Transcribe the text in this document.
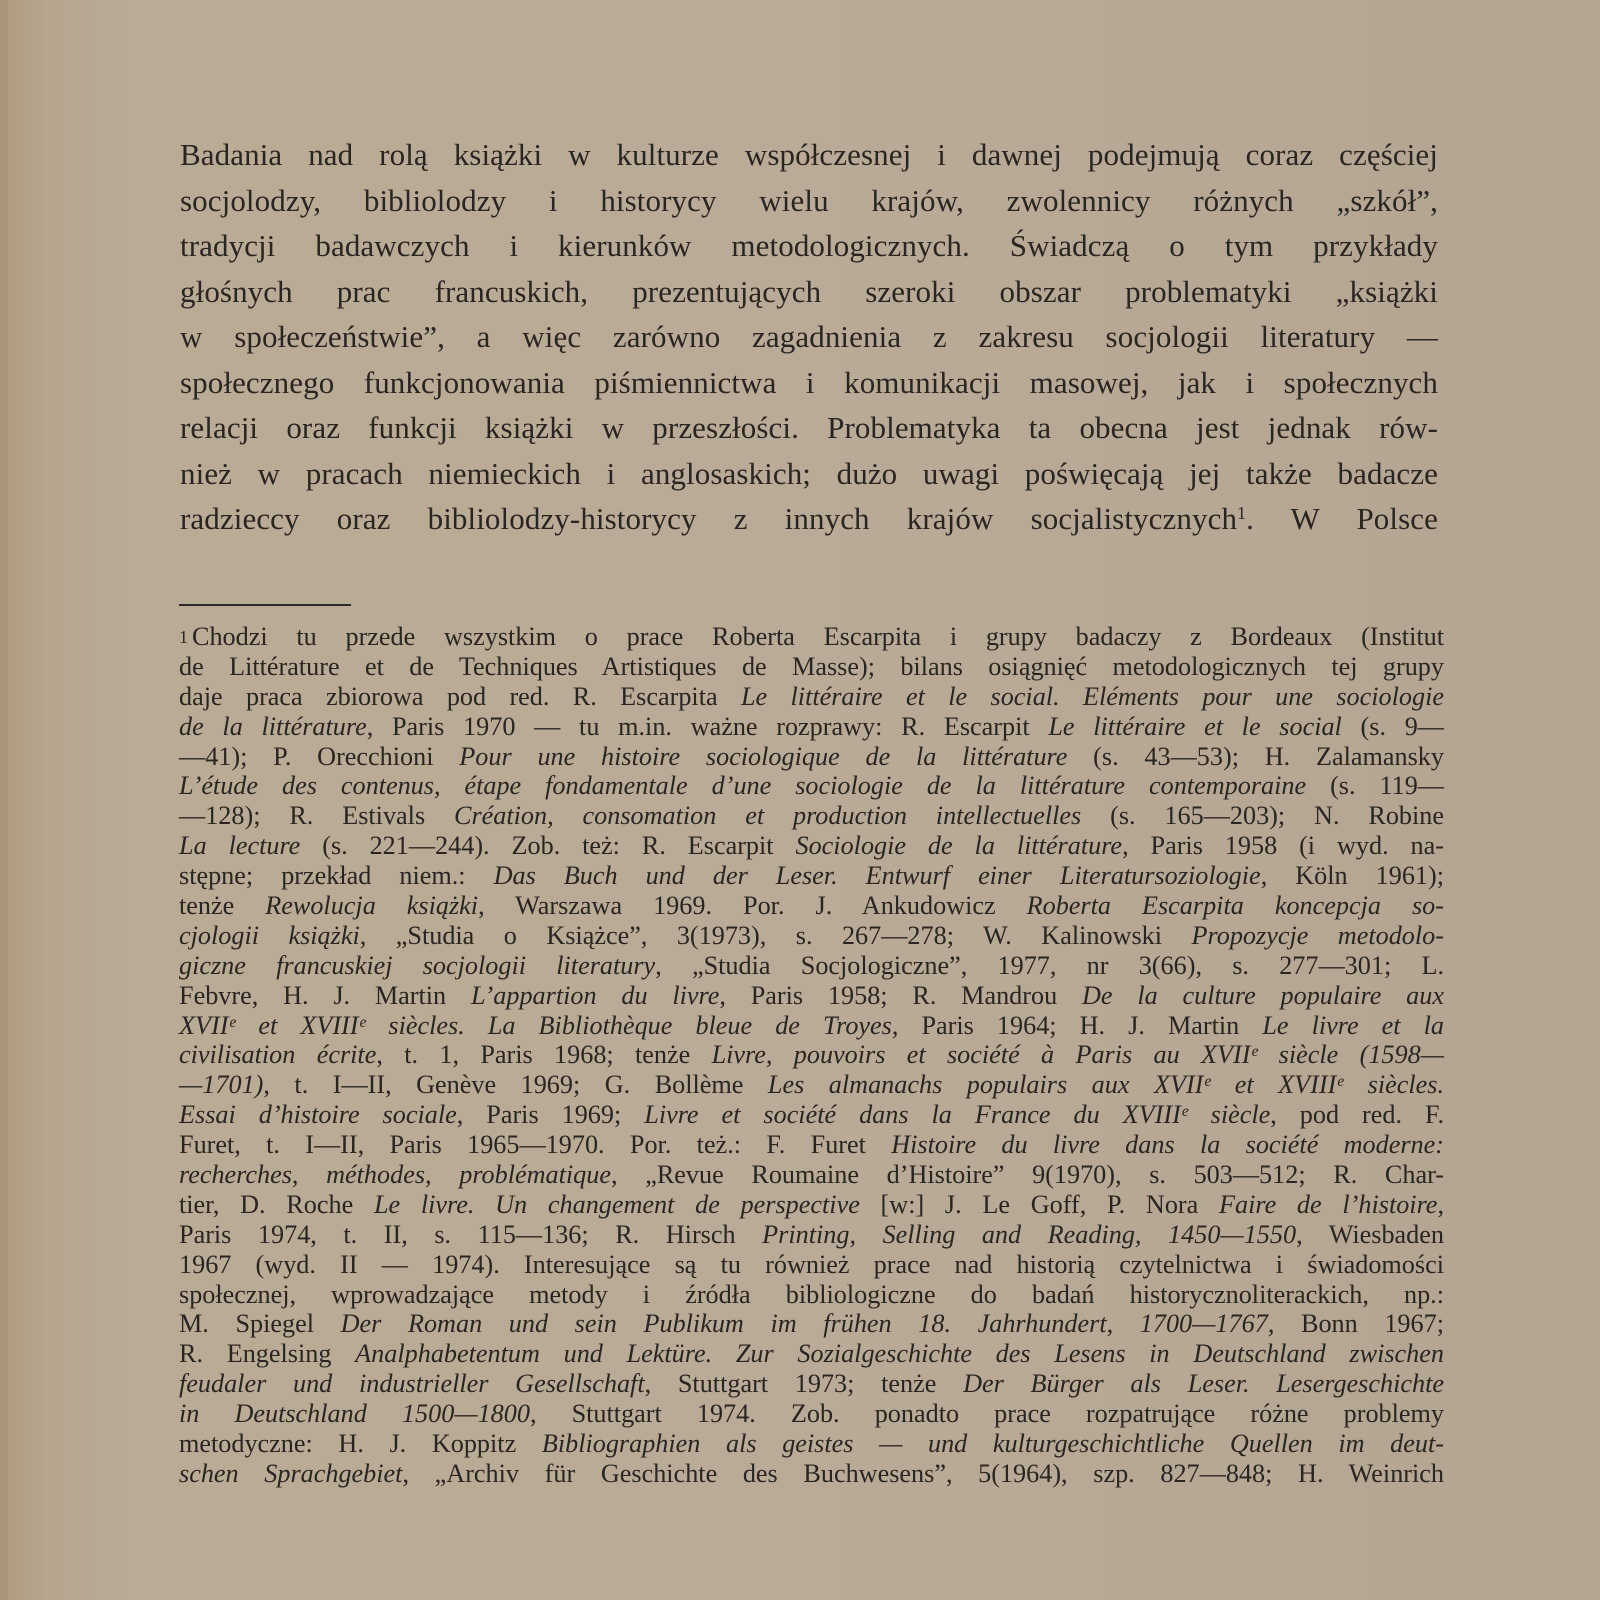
Badania nad rolą książki w kulturze współczesnej i dawnej podejmują coraz częściej
socjolodzy, bibliolodzy i historycy wielu krajów, zwolennicy różnych „szkół”,
tradycji badawczych i kierunków metodologicznych. Świadczą o tym przykłady
głośnych prac francuskich, prezentujących szeroki obszar problematyki „książki
w społeczeństwie”, a więc zarówno zagadnienia z zakresu socjologii literatury —
społecznego funkcjonowania piśmiennictwa i komunikacji masowej, jak i społecznych
relacji oraz funkcji książki w przeszłości. Problematyka ta obecna jest jednak rów-
nież w pracach niemieckich i anglosaskich; dużo uwagi poświęcają jej także badacze
radzieccy oraz bibliolodzy-historycy z innych krajów socjalistycznych$^1$. W Polsce
1 Chodzi tu przede wszystkim o prace Roberta Escarpita i grupy badaczy z Bordeaux (Institut
de Littérature et de Techniques Artistiques de Masse); bilans osiągnięć metodologicznych tej grupy
daje praca zbiorowa pod red. R. Escarpita Le littéraire et le social. Eléments pour une sociologie
de la littérature, Paris 1970 — tu m.in. ważne rozprawy: R. Escarpit Le littéraire et le social (s. 9—
—41); P. Orecchioni Pour une histoire sociologique de la littérature (s. 43—53); H. Zalamansky
L’étude des contenus, étape fondamentale d’une sociologie de la littérature contemporaine (s. 119—
—128); R. Estivals Création, consomation et production intellectuelles (s. 165—203); N. Robine
La lecture (s. 221—244). Zob. też: R. Escarpit Sociologie de la littérature, Paris 1958 (i wyd. na-
stępne; przekład niem.: Das Buch und der Leser. Entwurf einer Literatursoziologie, Köln 1961);
tenże Rewolucja książki, Warszawa 1969. Por. J. Ankudowicz Roberta Escarpita koncepcja so-
cjologii książki, „Studia o Książce”, 3(1973), s. 267—278; W. Kalinowski Propozycje metodolo-
giczne francuskiej socjologii literatury, „Studia Socjologiczne”, 1977, nr 3(66), s. 277—301; L.
Febvre, H. J. Martin L’appartion du livre, Paris 1958; R. Mandrou De la culture populaire aux
XVIIᵉ et XVIIIᵉ siècles. La Bibliothèque bleue de Troyes, Paris 1964; H. J. Martin Le livre et la
civilisation écrite, t. 1, Paris 1968; tenże Livre, pouvoirs et société à Paris au XVIIᵉ siècle (1598—
—1701), t. I—II, Genève 1969; G. Bollème Les almanachs populairs aux XVIIᵉ et XVIIIᵉ siècles.
Essai d’histoire sociale, Paris 1969; Livre et société dans la France du XVIIIᵉ siècle, pod red. F.
Furet, t. I—II, Paris 1965—1970. Por. też.: F. Furet Histoire du livre dans la société moderne:
recherches, méthodes, problématique, „Revue Roumaine d’Histoire” 9(1970), s. 503—512; R. Char-
tier, D. Roche Le livre. Un changement de perspective [w:] J. Le Goff, P. Nora Faire de l’histoire,
Paris 1974, t. II, s. 115—136; R. Hirsch Printing, Selling and Reading, 1450—1550, Wiesbaden
1967 (wyd. II — 1974). Interesujące są tu również prace nad historią czytelnictwa i świadomości
społecznej, wprowadzające metody i źródła bibliologiczne do badań historycznoliterackich, np.:
M. Spiegel Der Roman und sein Publikum im frühen 18. Jahrhundert, 1700—1767, Bonn 1967;
R. Engelsing Analphabetentum und Lektüre. Zur Sozialgeschichte des Lesens in Deutschland zwischen
feudaler und industrieller Gesellschaft, Stuttgart 1973; tenże Der Bürger als Leser. Lesergeschichte
in Deutschland 1500—1800, Stuttgart 1974. Zob. ponadto prace rozpatrujące różne problemy
metodyczne: H. J. Koppitz Bibliographien als geistes — und kulturgeschichtliche Quellen im deut-
schen Sprachgebiet, „Archiv für Geschichte des Buchwesens”, 5(1964), szp. 827—848; H. Weinrich
